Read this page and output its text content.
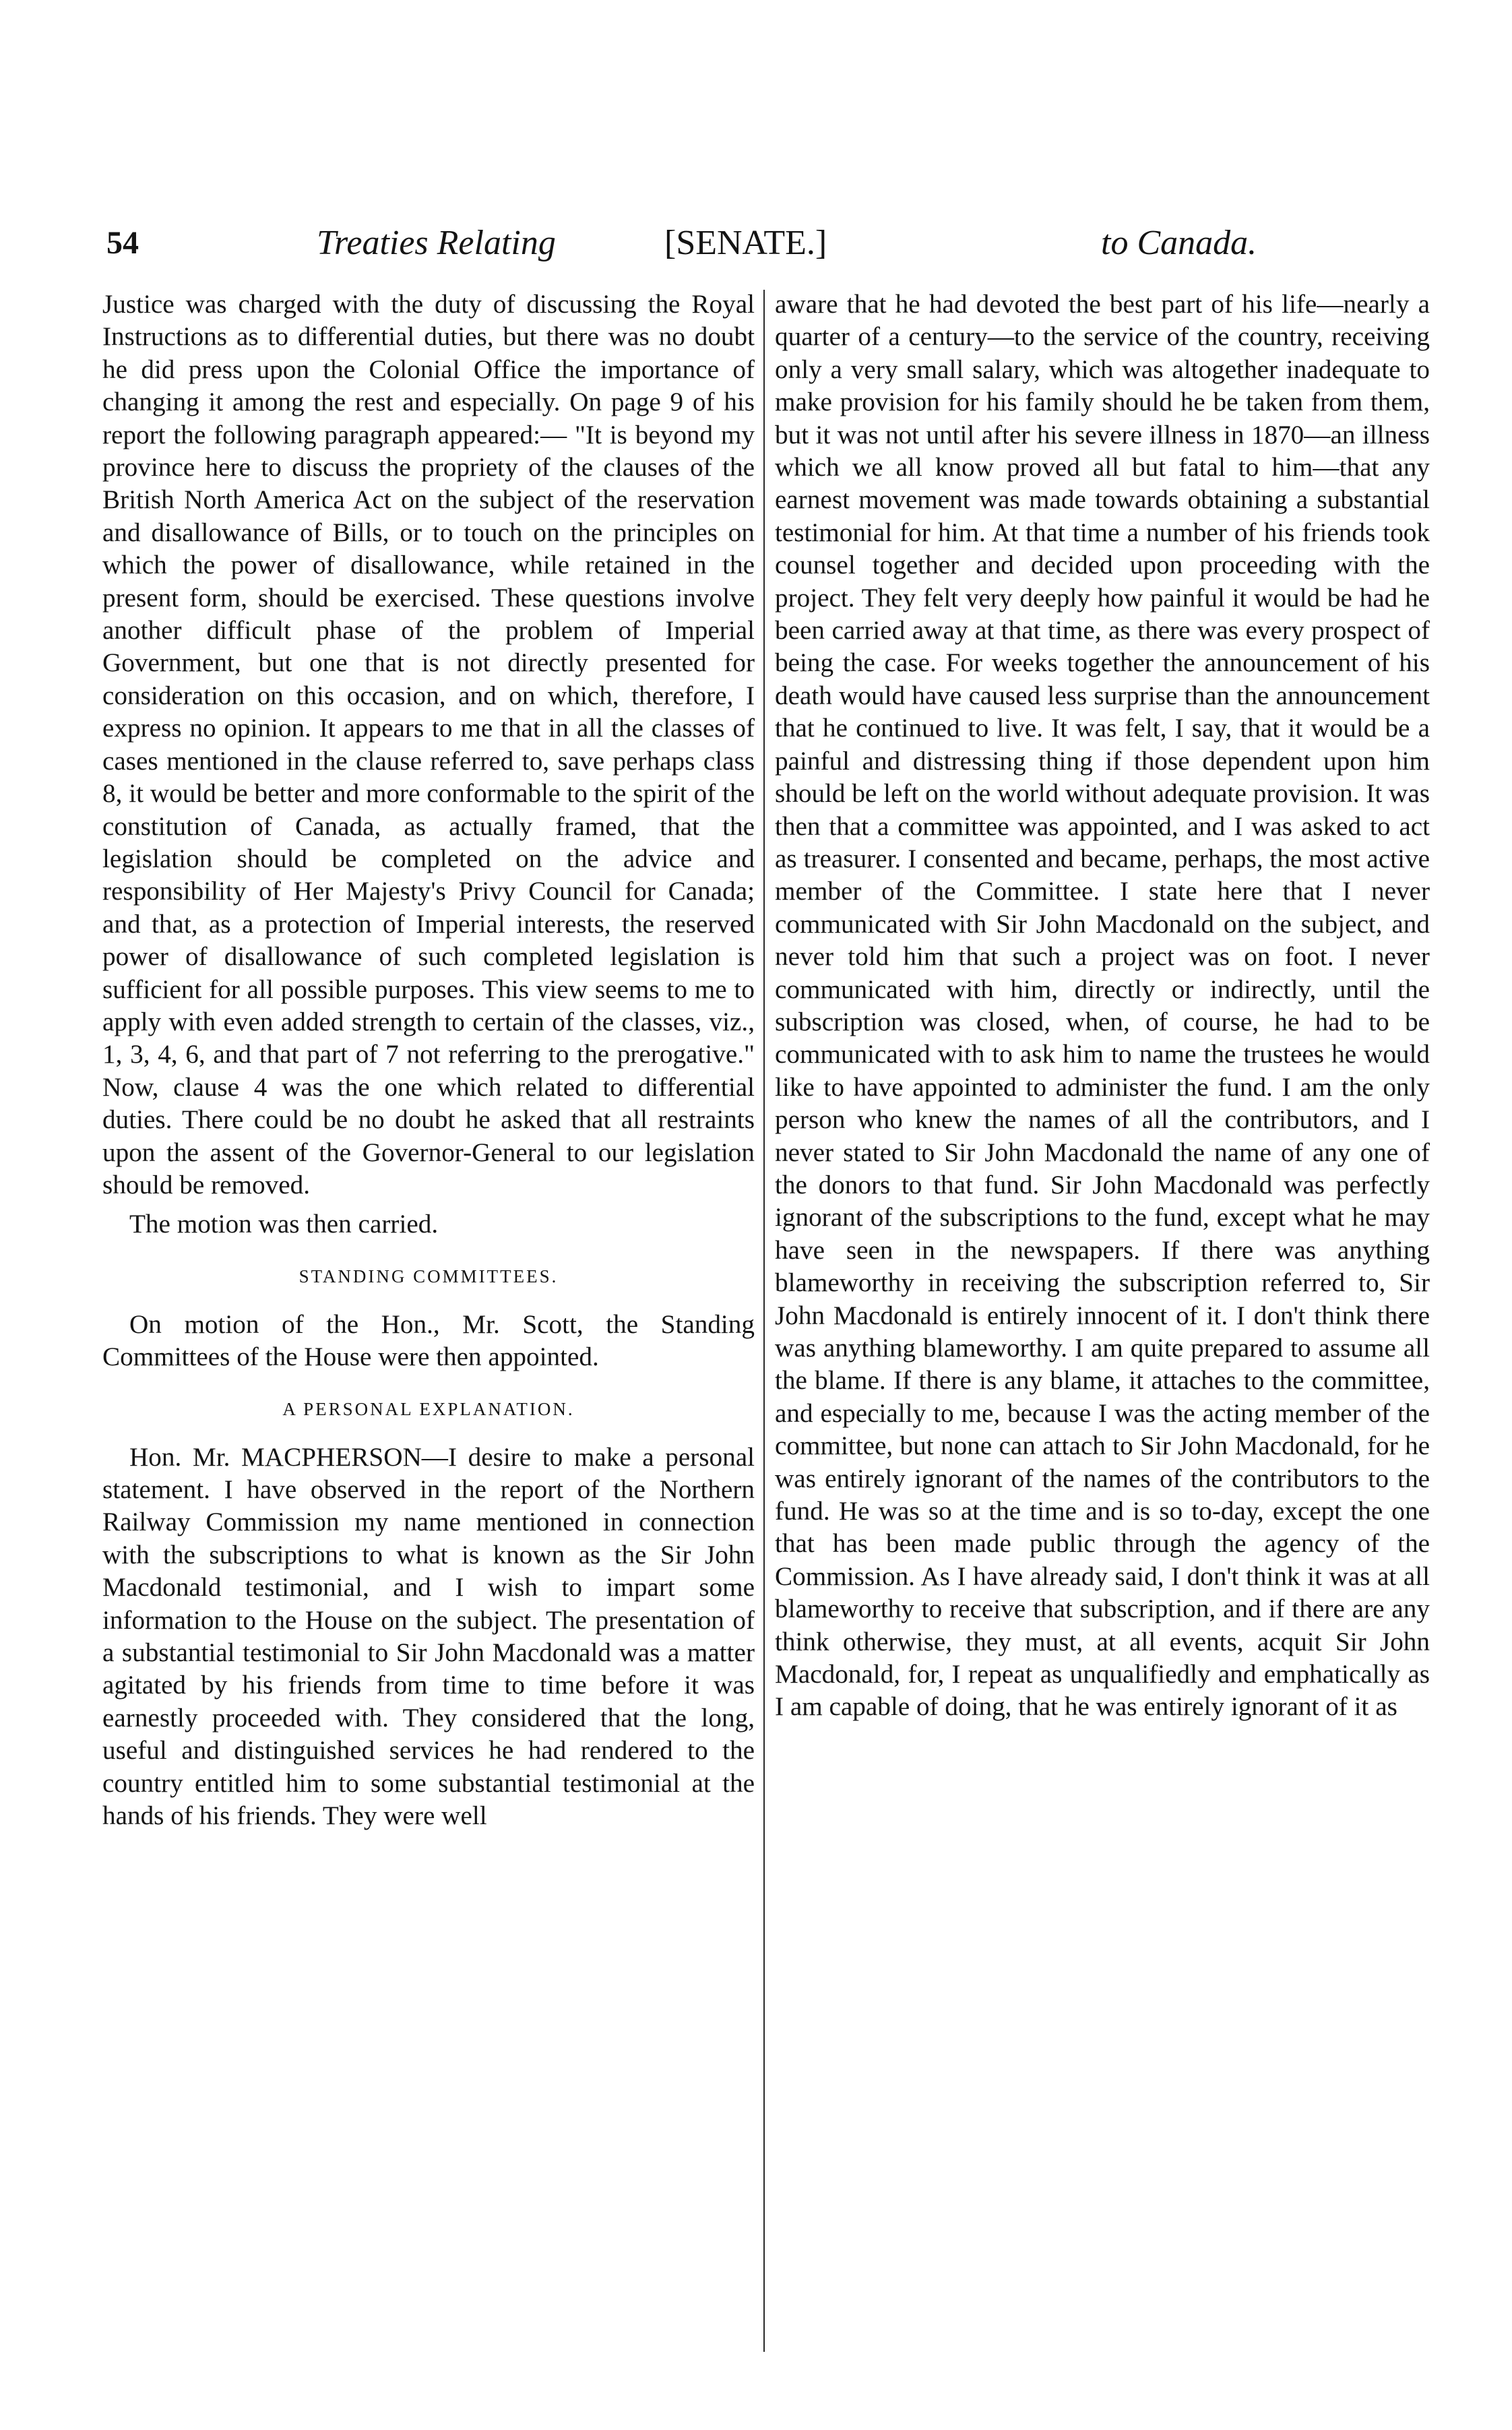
54	Treaties Relating	[SENATE.]	to Canada.

Justice was charged with the duty of discussing the Royal Instructions as to differential duties, but there was no doubt he did press upon the Colonial Office the importance of changing it among the rest and especially. On page 9 of his report the following paragraph appeared:— "It is beyond my province here to discuss the propriety of the clauses of the British North America Act on the subject of the reservation and disallowance of Bills, or to touch on the principles on which the power of disallowance, while retained in the present form, should be exercised. These questions involve another difficult phase of the problem of Imperial Government, but one that is not directly presented for consideration on this occasion, and on which, therefore, I express no opinion. It appears to me that in all the classes of cases mentioned in the clause referred to, save perhaps class 8, it would be better and more conformable to the spirit of the constitution of Canada, as actually framed, that the legislation should be completed on the advice and responsibility of Her Majesty's Privy Council for Canada; and that, as a protection of Imperial interests, the reserved power of disallowance of such completed legislation is sufficient for all possible purposes. This view seems to me to apply with even added strength to certain of the classes, viz., 1, 3, 4, 6, and that part of 7 not referring to the prerogative." Now, clause 4 was the one which related to differential duties. There could be no doubt he asked that all restraints upon the assent of the Governor-General to our legislation should be removed.

The motion was then carried.

STANDING COMMITTEES.

On motion of the Hon., Mr. Scott, the Standing Committees of the House were then appointed.

A PERSONAL EXPLANATION.

Hon. Mr. MACPHERSON—I desire to make a personal statement. I have observed in the report of the Northern Railway Commission my name mentioned in connection with the subscriptions to what is known as the Sir John Macdonald testimonial, and I wish to impart some information to the House on the subject. The presentation of a substantial testimonial to Sir John Macdonald was a matter agitated by his friends from time to time before it was earnestly proceeded with. They considered that the long, useful and distinguished services he had rendered to the country entitled him to some substantial testimonial at the hands of his friends. They were well

aware that he had devoted the best part of his life—nearly a quarter of a century—to the service of the country, receiving only a very small salary, which was altogether inadequate to make provision for his family should he be taken from them, but it was not until after his severe illness in 1870—an illness which we all know proved all but fatal to him—that any earnest movement was made towards obtaining a substantial testimonial for him. At that time a number of his friends took counsel together and decided upon proceeding with the project. They felt very deeply how painful it would be had he been carried away at that time, as there was every prospect of being the case. For weeks together the announcement of his death would have caused less surprise than the announcement that he continued to live. It was felt, I say, that it would be a painful and distressing thing if those dependent upon him should be left on the world without adequate provision. It was then that a committee was appointed, and I was asked to act as treasurer. I consented and became, perhaps, the most active member of the Committee. I state here that I never communicated with Sir John Macdonald on the subject, and never told him that such a project was on foot. I never communicated with him, directly or indirectly, until the subscription was closed, when, of course, he had to be communicated with to ask him to name the trustees he would like to have appointed to administer the fund. I am the only person who knew the names of all the contributors, and I never stated to Sir John Macdonald the name of any one of the donors to that fund. Sir John Macdonald was perfectly ignorant of the subscriptions to the fund, except what he may have seen in the newspapers. If there was anything blameworthy in receiving the subscription referred to, Sir John Macdonald is entirely innocent of it. I don't think there was anything blameworthy. I am quite prepared to assume all the blame. If there is any blame, it attaches to the committee, and especially to me, because I was the acting member of the committee, but none can attach to Sir John Macdonald, for he was entirely ignorant of the names of the contributors to the fund. He was so at the time and is so to-day, except the one that has been made public through the agency of the Commission. As I have already said, I don't think it was at all blameworthy to receive that subscription, and if there are any think otherwise, they must, at all events, acquit Sir John Macdonald, for, I repeat as unqualifiedly and emphatically as I am capable of doing, that he was entirely ignorant of it as
